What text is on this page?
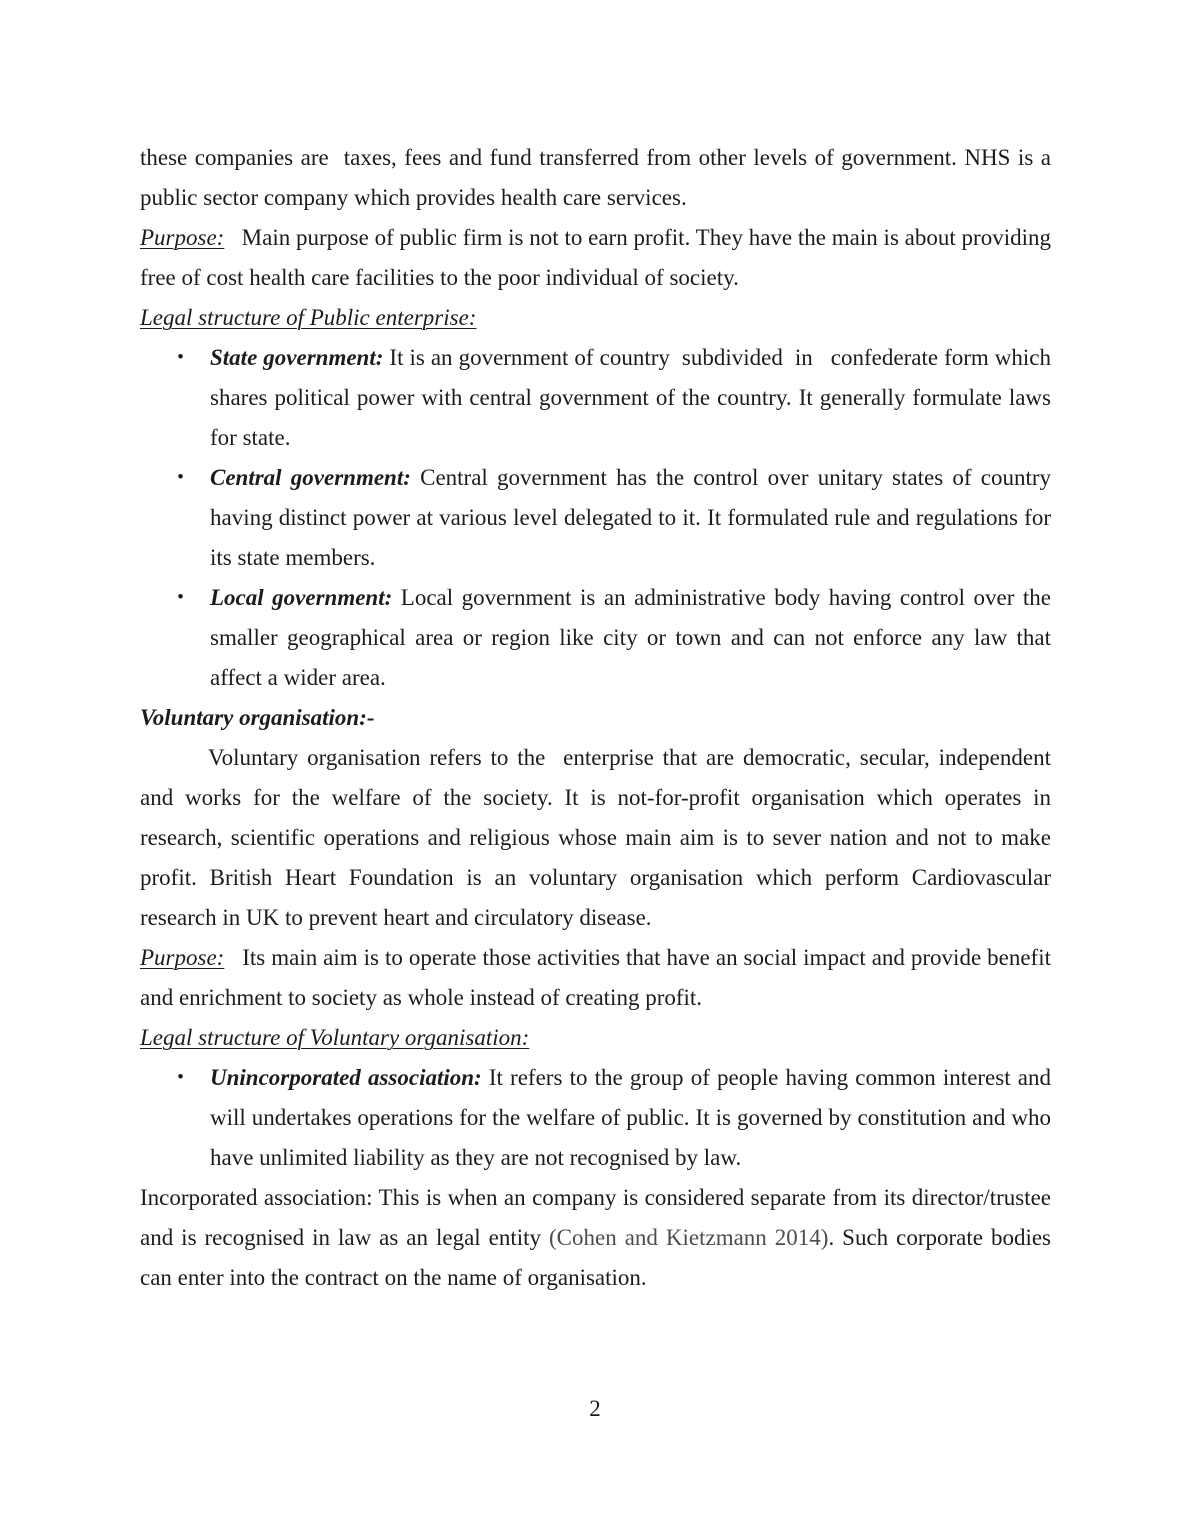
these companies are  taxes, fees and fund transferred from other levels of government. NHS is a public sector company which provides health care services.

Purpose:   Main purpose of public firm is not to earn profit. They have the main is about providing free of cost health care facilities to the poor individual of society.

Legal structure of Public enterprise:

• State government: It is an government of country  subdivided  in   confederate form which shares political power with central government of the country. It generally formulate laws for state.
• Central government: Central government has the control over unitary states of country having distinct power at various level delegated to it. It formulated rule and regulations for its state members.
• Local government: Local government is an administrative body having control over the smaller geographical area or region like city or town and can not enforce any law that affect a wider area.

Voluntary organisation:-

Voluntary organisation refers to the  enterprise that are democratic, secular, independent and works for the welfare of the society. It is not-for-profit organisation which operates in research, scientific operations and religious whose main aim is to sever nation and not to make profit. British Heart Foundation is an voluntary organisation which perform Cardiovascular research in UK to prevent heart and circulatory disease.

Purpose:   Its main aim is to operate those activities that have an social impact and provide benefit and enrichment to society as whole instead of creating profit.

Legal structure of Voluntary organisation:

• Unincorporated association: It refers to the group of people having common interest and will undertakes operations for the welfare of public. It is governed by constitution and who have unlimited liability as they are not recognised by law.

Incorporated association: This is when an company is considered separate from its director/trustee and is recognised in law as an legal entity (Cohen and Kietzmann 2014). Such corporate bodies can enter into the contract on the name of organisation.

2
